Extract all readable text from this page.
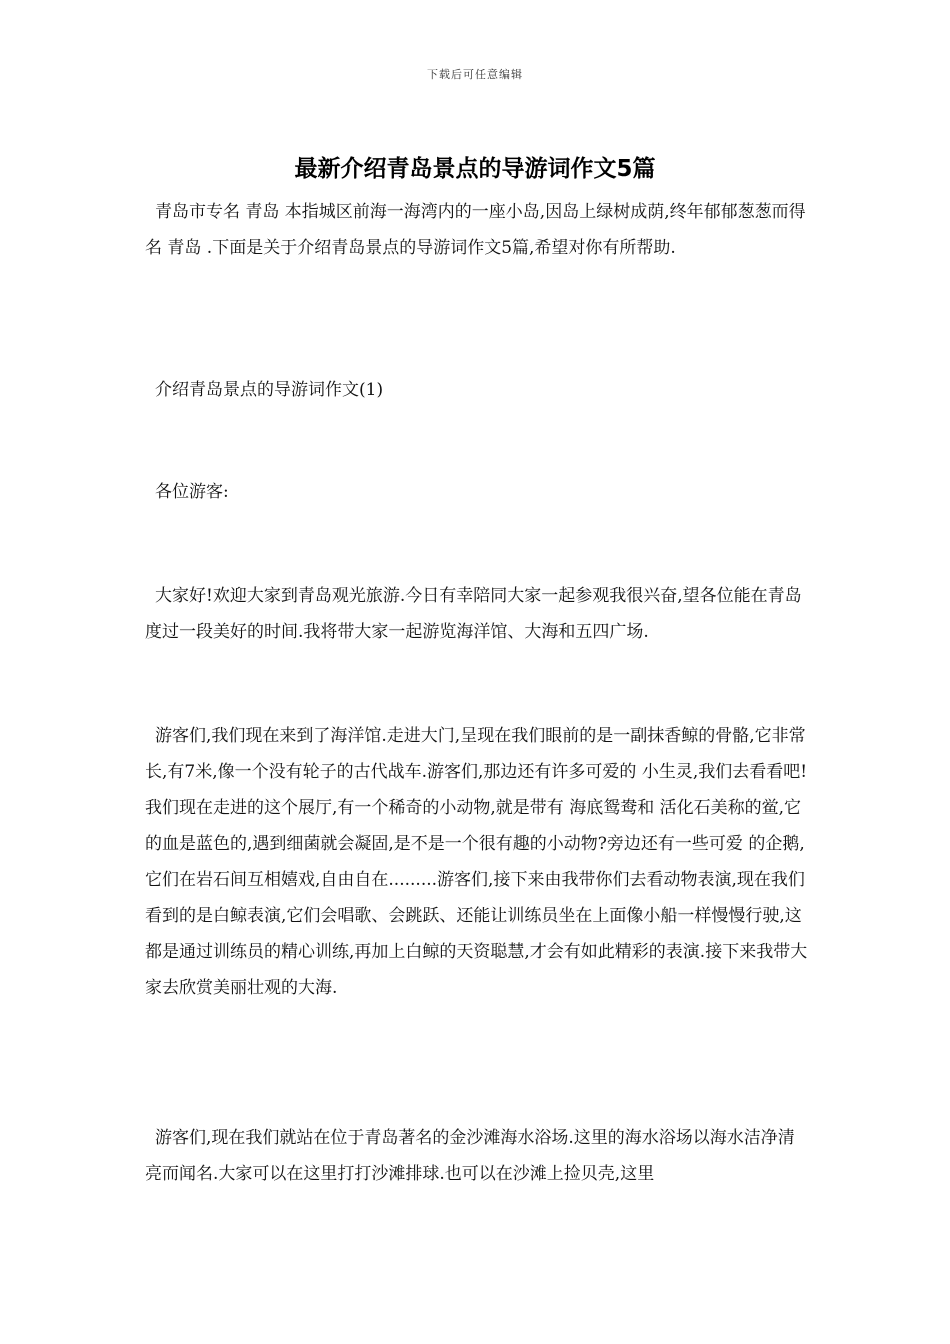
下载后可任意编辑
最新介绍青岛景点的导游词作文5篇

青岛市专名 青岛 本指城区前海一海湾内的一座小岛,因岛上绿树成荫,终年郁郁葱葱而得名 青岛 .下面是关于介绍青岛景点的导游词作文5篇,希望对你有所帮助.

介绍青岛景点的导游词作文(1)

各位游客:

大家好!欢迎大家到青岛观光旅游.今日有幸陪同大家一起参观我很兴奋,望各位能在青岛度过一段美好的时间.我将带大家一起游览海洋馆、大海和五四广场.

游客们,我们现在来到了海洋馆.走进大门,呈现在我们眼前的是一副抹香鲸的骨骼,它非常长,有7米,像一个没有轮子的古代战车.游客们,那边还有许多可爱的 小生灵,我们去看看吧!我们现在走进的这个展厅,有一个稀奇的小动物,就是带有 海底鸳鸯和 活化石美称的鲎,它的血是蓝色的,遇到细菌就会凝固,是不是一个很有趣的小动物?旁边还有一些可爱 的企鹅,它们在岩石间互相嬉戏,自由自在.........游客们,接下来由我带你们去看动物表演,现在我们看到的是白鲸表演,它们会唱歌、会跳跃、还能让训练员坐在上面像小船一样慢慢行驶,这都是通过训练员的精心训练,再加上白鲸的天资聪慧,才会有如此精彩的表演.接下来我带大家去欣赏美丽壮观的大海.

游客们,现在我们就站在位于青岛著名的金沙滩海水浴场.这里的海水浴场以海水洁净清亮而闻名.大家可以在这里打打沙滩排球.也可以在沙滩上捡贝壳,这里
